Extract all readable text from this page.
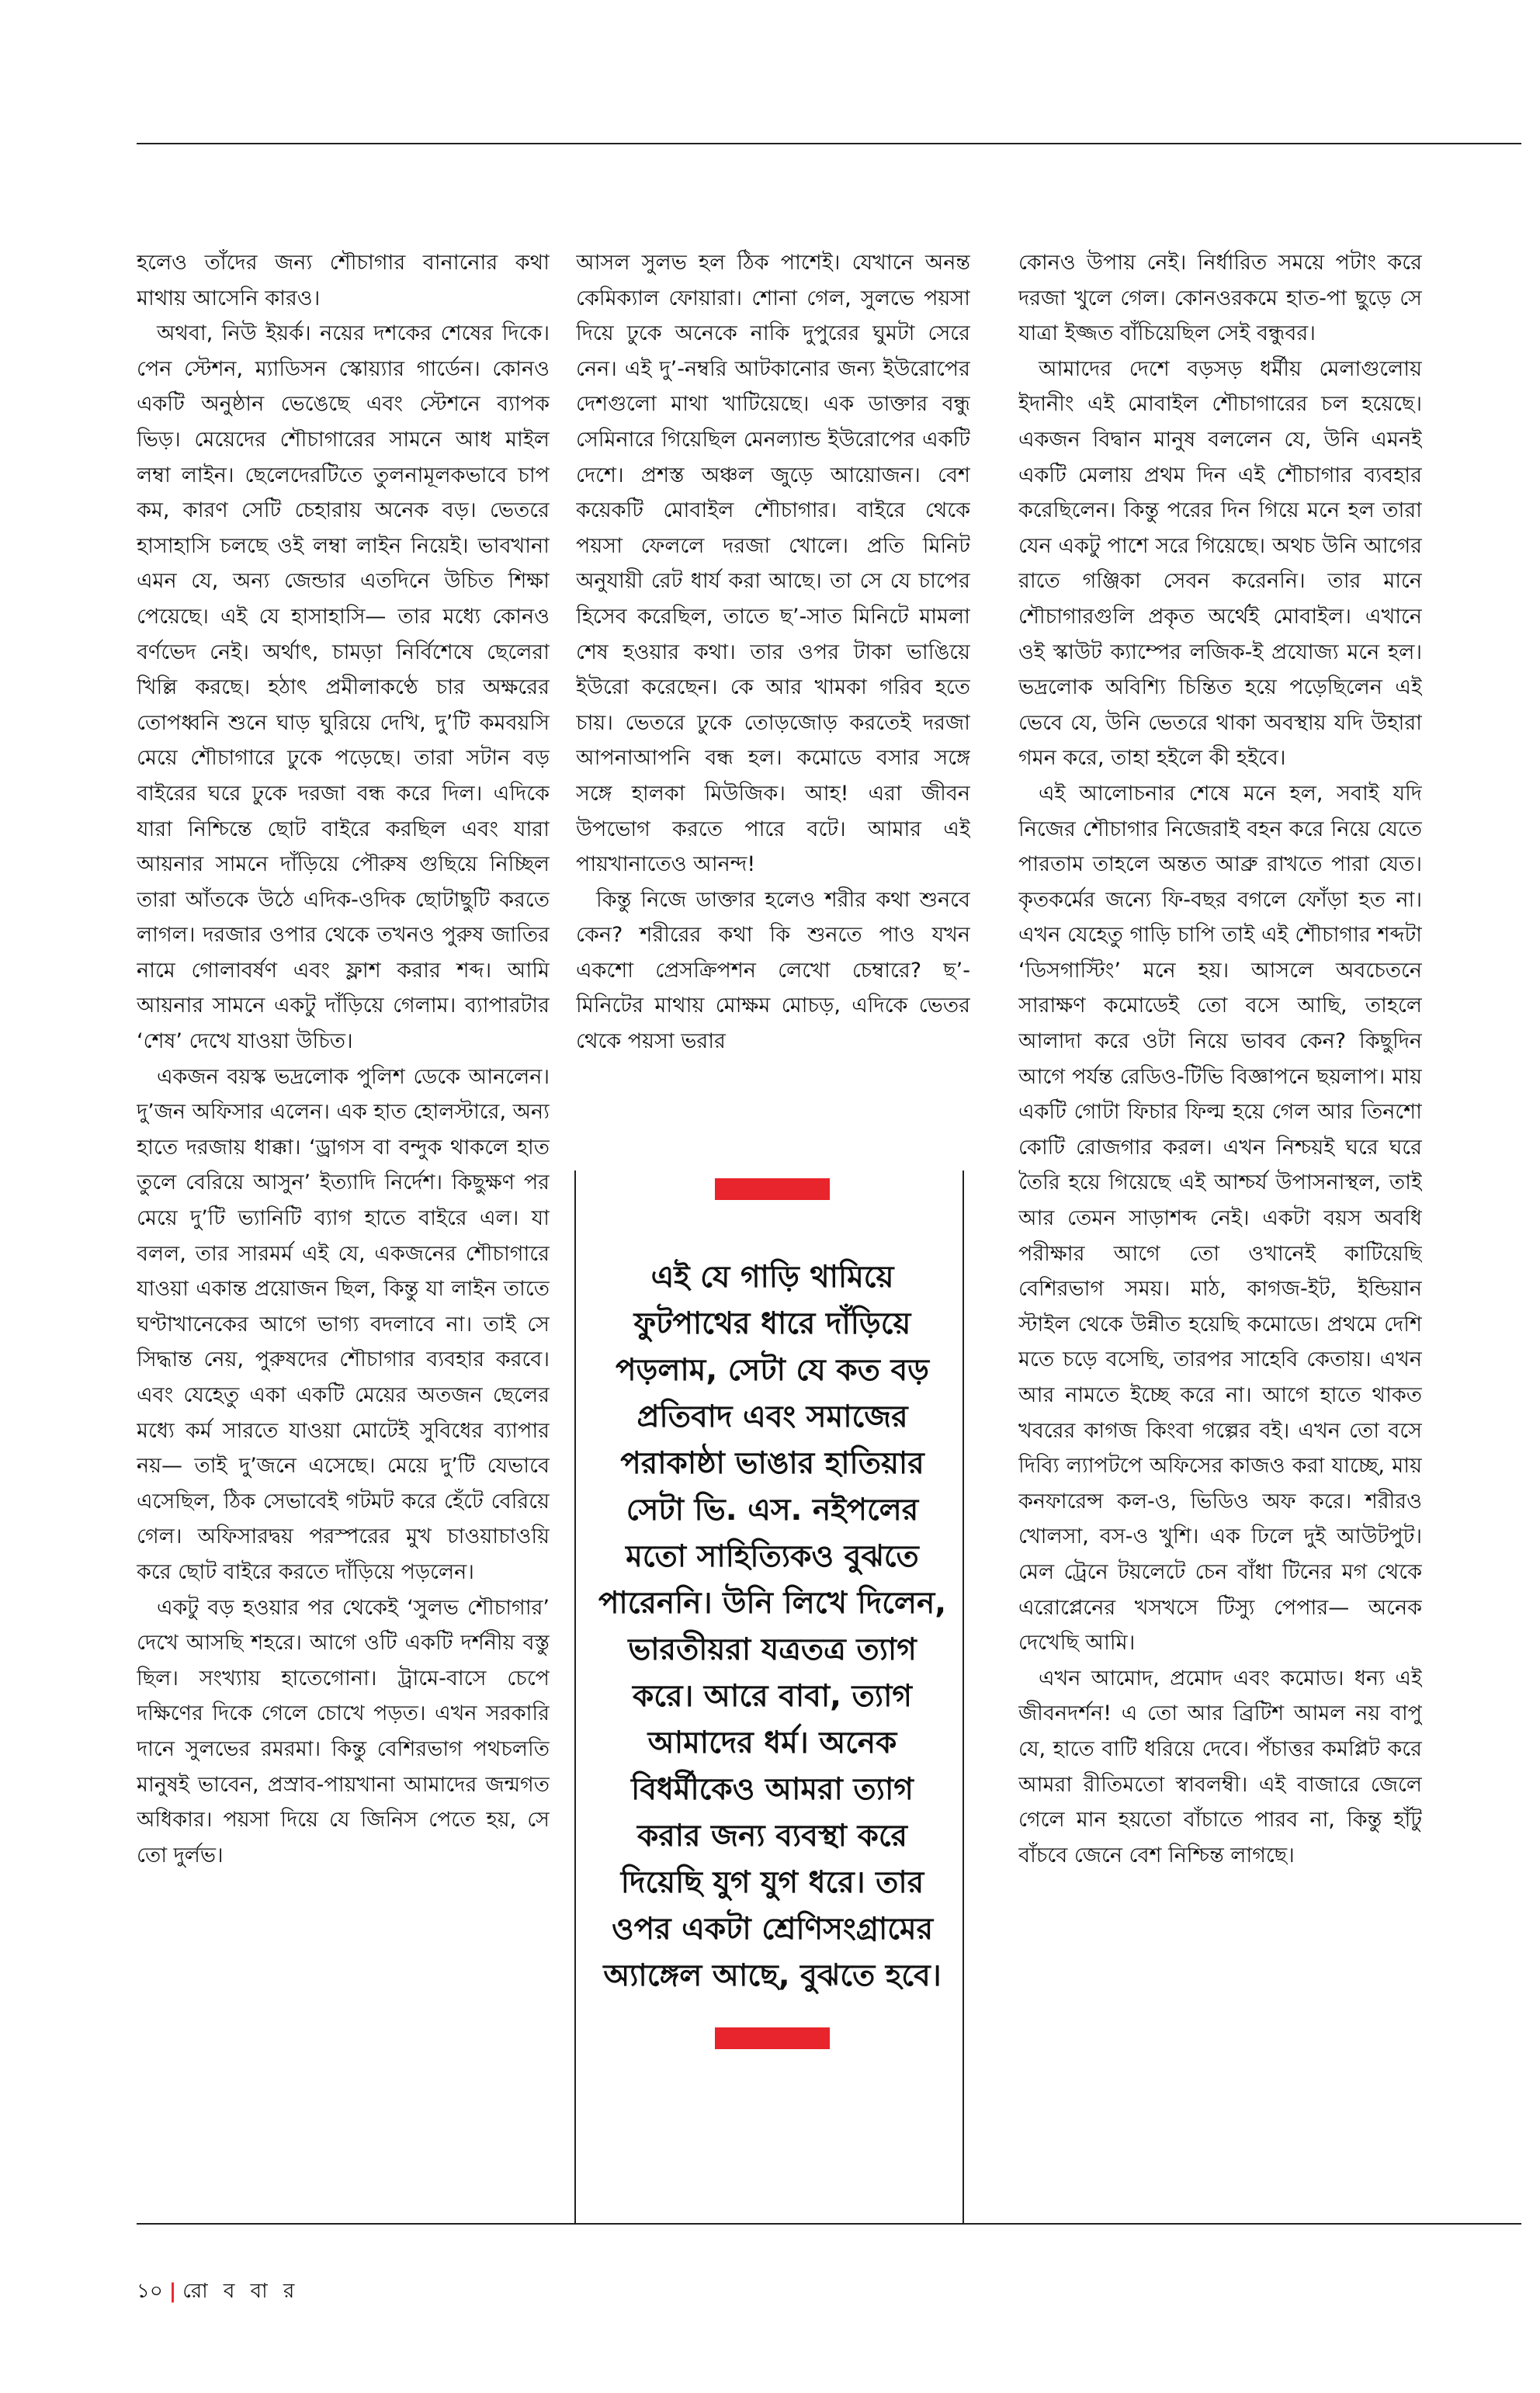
হলেও তাঁদের জন্য শৌচাগার বানানোর কথা মাথায় আসেনি কারও।

অথবা, নিউ ইয়র্ক। নয়ের দশকের শেষের দিকে। পেন স্টেশন, ম্যাডিসন স্কোয়্যার গার্ডেন। কোনও একটি অনুষ্ঠান ভেঙেছে এবং স্টেশনে ব্যাপক ভিড়। মেয়েদের শৌচাগারের সামনে আধ মাইল লম্বা লাইন। ছেলেদেরটিতে তুলনামূলকভাবে চাপ কম, কারণ সেটি চেহারায় অনেক বড়। ভেতরে হাসাহাসি চলছে ওই লম্বা লাইন নিয়েই। ভাবখানা এমন যে, অন্য জেন্ডার এতদিনে উচিত শিক্ষা পেয়েছে। এই যে হাসাহাসি— তার মধ্যে কোনও বর্ণভেদ নেই। অর্থাৎ, চামড়া নির্বিশেষে ছেলেরা খিল্লি করছে। হঠাৎ প্রমীলাকণ্ঠে চার অক্ষরের তোপধ্বনি শুনে ঘাড় ঘুরিয়ে দেখি, দু’টি কমবয়সি মেয়ে শৌচাগারে ঢুকে পড়েছে। তারা সটান বড় বাইরের ঘরে ঢুকে দরজা বন্ধ করে দিল। এদিকে যারা নিশ্চিন্তে ছোট বাইরে করছিল এবং যারা আয়নার সামনে দাঁড়িয়ে পৌরুষ গুছিয়ে নিচ্ছিল তারা আঁতকে উঠে এদিক-ওদিক ছোটাছুটি করতে লাগল। দরজার ওপার থেকে তখনও পুরুষ জাতির নামে গোলাবর্ষণ এবং ফ্লাশ করার শব্দ। আমি আয়নার সামনে একটু দাঁড়িয়ে গেলাম। ব্যাপারটার ‘শেষ’ দেখে যাওয়া উচিত।

একজন বয়স্ক ভদ্রলোক পুলিশ ডেকে আনলেন। দু’জন অফিসার এলেন। এক হাত হোলস্টারে, অন্য হাতে দরজায় ধাক্কা। ‘ড্রাগস বা বন্দুক থাকলে হাত তুলে বেরিয়ে আসুন’ ইত্যাদি নির্দেশ। কিছুক্ষণ পর মেয়ে দু’টি ভ্যানিটি ব্যাগ হাতে বাইরে এল। যা বলল, তার সারমর্ম এই যে, একজনের শৌচাগারে যাওয়া একান্ত প্রয়োজন ছিল, কিন্তু যা লাইন তাতে ঘণ্টাখানেকের আগে ভাগ্য বদলাবে না। তাই সে সিদ্ধান্ত নেয়, পুরুষদের শৌচাগার ব্যবহার করবে। এবং যেহেতু একা একটি মেয়ের অতজন ছেলের মধ্যে কর্ম সারতে যাওয়া মোটেই সুবিধের ব্যাপার নয়— তাই দু’জনে এসেছে। মেয়ে দু’টি যেভাবে এসেছিল, ঠিক সেভাবেই গটমট করে হেঁটে বেরিয়ে গেল। অফিসারদ্বয় পরস্পরের মুখ চাওয়াচাওয়ি করে ছোট বাইরে করতে দাঁড়িয়ে পড়লেন।

একটু বড় হওয়ার পর থেকেই ‘সুলভ শৌচাগার’ দেখে আসছি শহরে। আগে ওটি একটি দর্শনীয় বস্তু ছিল। সংখ্যায় হাতেগোনা। ট্রামে-বাসে চেপে দক্ষিণের দিকে গেলে চোখে পড়ত। এখন সরকারি দানে সুলভের রমরমা। কিন্তু বেশিরভাগ পথচলতি মানুষই ভাবেন, প্রস্রাব-পায়খানা আমাদের জন্মগত অধিকার। পয়সা দিয়ে যে জিনিস পেতে হয়, সে তো দুর্লভ।

আসল সুলভ হল ঠিক পাশেই। যেখানে অনন্ত কেমিক্যাল ফোয়ারা। শোনা গেল, সুলভে পয়সা দিয়ে ঢুকে অনেকে নাকি দুপুরের ঘুমটা সেরে নেন। এই দু’-নম্বরি আটকানোর জন্য ইউরোপের দেশগুলো মাথা খাটিয়েছে। এক ডাক্তার বন্ধু সেমিনারে গিয়েছিল মেনল্যান্ড ইউরোপের একটি দেশে। প্রশস্ত অঞ্চল জুড়ে আয়োজন। বেশ কয়েকটি মোবাইল শৌচাগার। বাইরে থেকে পয়সা ফেললে দরজা খোলে। প্রতি মিনিট অনুযায়ী রেট ধার্য করা আছে। তা সে যে চাপের হিসেব করেছিল, তাতে ছ’-সাত মিনিটে মামলা শেষ হওয়ার কথা। তার ওপর টাকা ভাঙিয়ে ইউরো করেছেন। কে আর খামকা গরিব হতে চায়। ভেতরে ঢুকে তোড়জোড় করতেই দরজা আপনাআপনি বন্ধ হল। কমোডে বসার সঙ্গে সঙ্গে হালকা মিউজিক। আহ! এরা জীবন উপভোগ করতে পারে বটে। আমার এই পায়খানাতেও আনন্দ!

কিন্তু নিজে ডাক্তার হলেও শরীর কথা শুনবে কেন? শরীরের কথা কি শুনতে পাও যখন একশো প্রেসক্রিপশন লেখো চেম্বারে? ছ’-মিনিটের মাথায় মোক্ষম মোচড়, এদিকে ভেতর থেকে পয়সা ভরার

এই যে গাড়ি থামিয়ে ফুটপাথের ধারে দাঁড়িয়ে পড়লাম, সেটা যে কত বড় প্রতিবাদ এবং সমাজের পরাকাষ্ঠা ভাঙার হাতিয়ার সেটা ভি. এস. নইপলের মতো সাহিত্যিকও বুঝতে পারেননি। উনি লিখে দিলেন, ভারতীয়রা যত্রতত্র ত্যাগ করে। আরে বাবা, ত্যাগ আমাদের ধর্ম। অনেক বিধর্মীকেও আমরা ত্যাগ করার জন্য ব্যবস্থা করে দিয়েছি যুগ যুগ ধরে। তার ওপর একটা শ্রেণিসংগ্রামের অ্যাঙ্গেল আছে, বুঝতে হবে।

কোনও উপায় নেই। নির্ধারিত সময়ে পটাং করে দরজা খুলে গেল। কোনওরকমে হাত-পা ছুড়ে সে যাত্রা ইজ্জত বাঁচিয়েছিল সেই বন্ধুবর।

আমাদের দেশে বড়সড় ধর্মীয় মেলাগুলোয় ইদানীং এই মোবাইল শৌচাগারের চল হয়েছে। একজন বিদ্বান মানুষ বললেন যে, উনি এমনই একটি মেলায় প্রথম দিন এই শৌচাগার ব্যবহার করেছিলেন। কিন্তু পরের দিন গিয়ে মনে হল তারা যেন একটু পাশে সরে গিয়েছে। অথচ উনি আগের রাতে গঞ্জিকা সেবন করেননি। তার মানে শৌচাগারগুলি প্রকৃত অর্থেই মোবাইল। এখানে ওই স্কাউট ক্যাম্পের লজিক-ই প্রযোজ্য মনে হল। ভদ্রলোক অবিশ্যি চিন্তিত হয়ে পড়েছিলেন এই ভেবে যে, উনি ভেতরে থাকা অবস্থায় যদি উহারা গমন করে, তাহা হইলে কী হইবে।

এই আলোচনার শেষে মনে হল, সবাই যদি নিজের শৌচাগার নিজেরাই বহন করে নিয়ে যেতে পারতাম তাহলে অন্তত আব্রু রাখতে পারা যেত। কৃতকর্মের জন্যে ফি-বছর বগলে ফোঁড়া হত না। এখন যেহেতু গাড়ি চাপি তাই এই শৌচাগার শব্দটা ‘ডিসগাস্টিং’ মনে হয়। আসলে অবচেতনে সারাক্ষণ কমোডেই তো বসে আছি, তাহলে আলাদা করে ওটা নিয়ে ভাবব কেন? কিছুদিন আগে পর্যন্ত রেডিও-টিভি বিজ্ঞাপনে ছয়লাপ। মায় একটি গোটা ফিচার ফিল্ম হয়ে গেল আর তিনশো কোটি রোজগার করল। এখন নিশ্চয়ই ঘরে ঘরে তৈরি হয়ে গিয়েছে এই আশ্চর্য উপাসনাস্থল, তাই আর তেমন সাড়াশব্দ নেই। একটা বয়স অবধি পরীক্ষার আগে তো ওখানেই কাটিয়েছি বেশিরভাগ সময়। মাঠ, কাগজ-ইট, ইন্ডিয়ান স্টাইল থেকে উন্নীত হয়েছি কমোডে। প্রথমে দেশি মতে চড়ে বসেছি, তারপর সাহেবি কেতায়। এখন আর নামতে ইচ্ছে করে না। আগে হাতে থাকত খবরের কাগজ কিংবা গল্পের বই। এখন তো বসে দিব্যি ল্যাপটপে অফিসের কাজও করা যাচ্ছে, মায় কনফারেন্স কল-ও, ভিডিও অফ করে। শরীরও খোলসা, বস-ও খুশি। এক ঢিলে দুই আউটপুট। মেল ট্রেনে টয়লেটে চেন বাঁধা টিনের মগ থেকে এরোপ্লেনের খসখসে টিস্যু পেপার— অনেক দেখেছি আমি।

এখন আমোদ, প্রমোদ এবং কমোড। ধন্য এই জীবনদর্শন! এ তো আর ব্রিটিশ আমল নয় বাপু যে, হাতে বাটি ধরিয়ে দেবে। পঁচাত্তর কমপ্লিট করে আমরা রীতিমতো স্বাবলম্বী। এই বাজারে জেলে গেলে মান হয়তো বাঁচাতে পারব না, কিন্তু হাঁটু বাঁচবে জেনে বেশ নিশ্চিন্ত লাগছে।

১০ | রো ব বা র
